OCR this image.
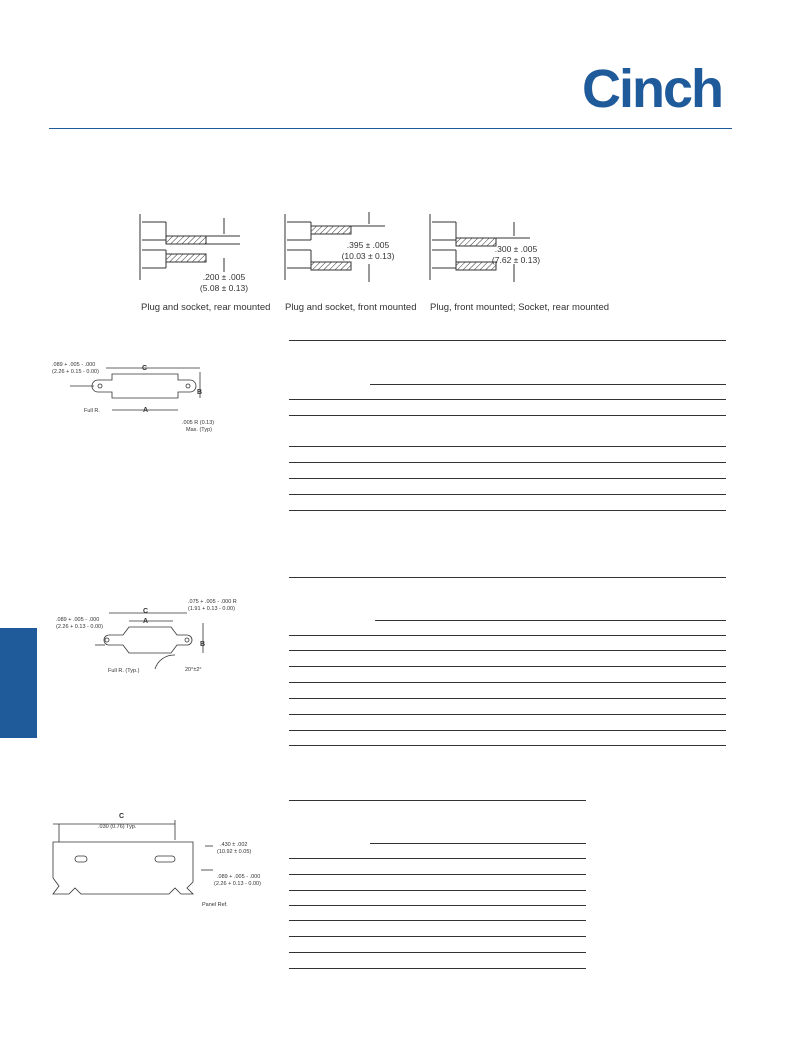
Cinch
.200 ± .005
(5.08 ± 0.13)
Plug and socket, rear mounted
.395 ± .005
(10.03 ± 0.13)
Plug and socket, front mounted
.300 ± .005
(7.62 ± 0.13)
Plug, front mounted; Socket, rear mounted
.089 + .005 - .000
(2.26 + 0.15 - 0.00)	C
B
A
Full R.
.005 R (0.13)
Max. (Typ)
.075 + .005 - .000 R
(1.91 + 0.13 - 0.00)
.089 + .005 - .000
(2.26 + 0.13 - 0.00)
C
A
B
Full R. (Typ.)	20°±2°
C
.030 (0.76) Typ.
.430 ± .002
(10.92 ± 0.05)
.089 + .005 - .000
(2.26 + 0.13 - 0.00)
Panel Ref.
